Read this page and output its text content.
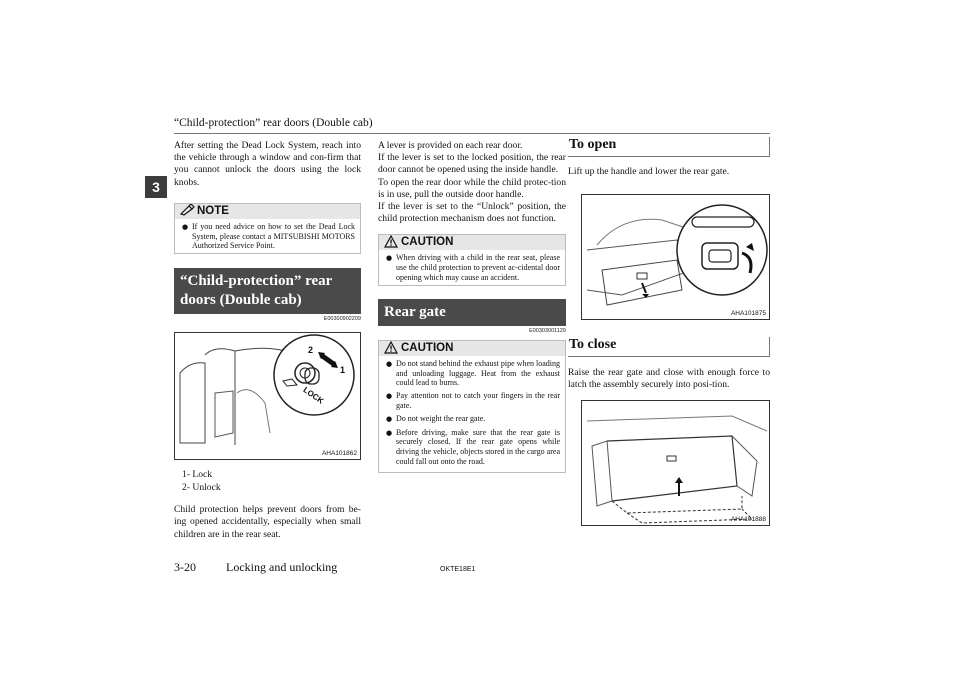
“Child-protection” rear doors (Double cab)
3

After setting the Dead Lock System, reach into the vehicle through a window and con-firm that you cannot unlock the doors using the lock knobs.

NOTE
● If you need advice on how to set the Dead Lock System, please contact a MITSUBISHI MOTORS Authorized Service Point.
“Child-protection” rear doors (Double cab)
E00300902209
2
1
LOCK
AHA101862
1- Lock
2- Unlock

Child protection helps prevent doors from be-ing opened accidentally, especially when small children are in the rear seat.

A lever is provided on each rear door.

If the lever is set to the locked position, the rear door cannot be opened using the inside handle.

To open the rear door while the child protec-tion is in use, pull the outside door handle.

If the lever is set to the “Unlock” position, the child protection mechanism does not function.

CAUTION
● When driving with a child in the rear seat, please use the child protection to prevent ac-cidental door opening which may cause an accident.
Rear gate
E00303001129
CAUTION
● Do not stand behind the exhaust pipe when loading and unloading luggage. Heat from the exhaust could lead to burns.
● Pay attention not to catch your fingers in the rear gate.
● Do not weight the rear gate.
● Before driving, make sure that the rear gate is securely closed. If the rear gate opens while driving the vehicle, objects stored in the cargo area could fall out onto the road.
To open

Lift up the handle and lower the rear gate.

AHA101875
To close

Raise the rear gate and close with enough force to latch the assembly securely into posi-tion.

AHA101888
3-20	Locking and unlocking	OKTE18E1
